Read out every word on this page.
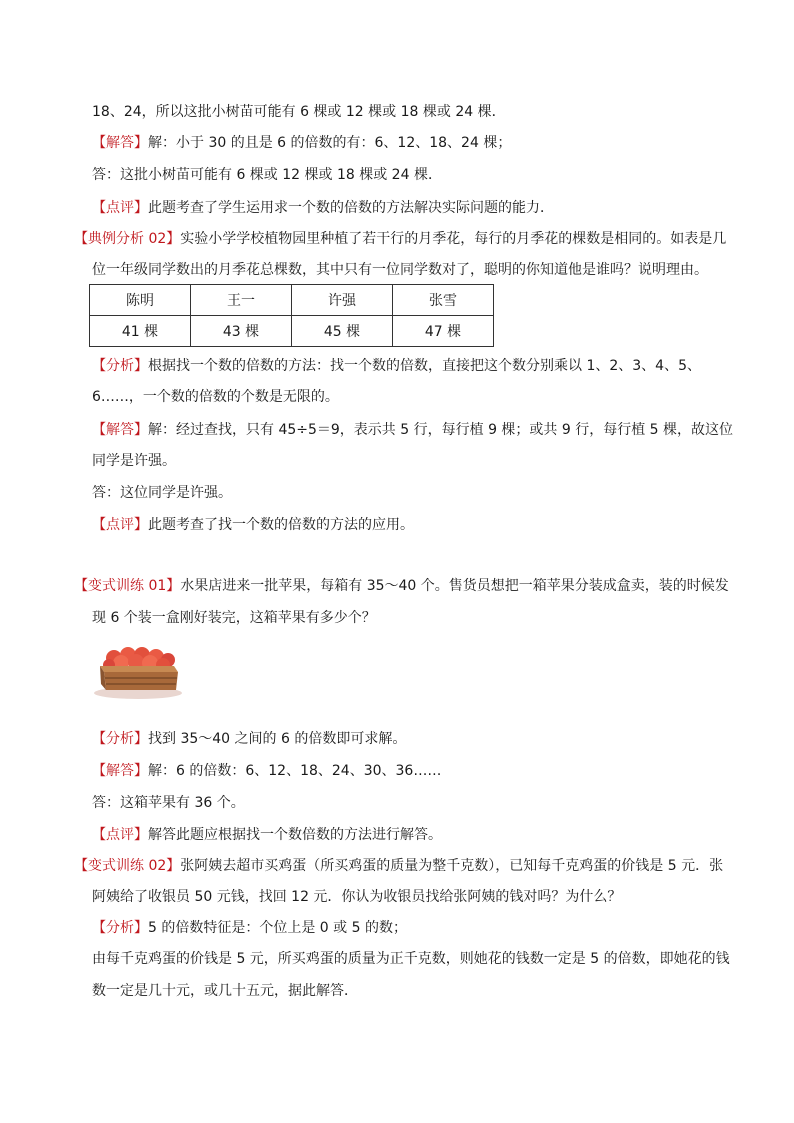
18、24，所以这批小树苗可能有 6 棵或 12 棵或 18 棵或 24 棵．
【解答】解：小于 30 的且是 6 的倍数的有：6、12、18、24 棵；
答：这批小树苗可能有 6 棵或 12 棵或 18 棵或 24 棵．
【点评】此题考查了学生运用求一个数的倍数的方法解决实际问题的能力．
【典例分析 02】实验小学学校植物园里种植了若干行的月季花，每行的月季花的棵数是相同的。如表是几
位一年级同学数出的月季花总棵数，其中只有一位同学数对了，聪明的你知道他是谁吗？说明理由。
陈明	王一	许强	张雪
41 棵	43 棵	45 棵	47 棵
【分析】根据找一个数的倍数的方法：找一个数的倍数，直接把这个数分别乘以 1、2、3、4、5、
6……，一个数的倍数的个数是无限的。
【解答】解：经过查找，只有 45÷5＝9，表示共 5 行，每行植 9 棵；或共 9 行，每行植 5 棵，故这位
同学是许强。
答：这位同学是许强。
【点评】此题考查了找一个数的倍数的方法的应用。
【变式训练 01】水果店进来一批苹果，每箱有 35～40 个。售货员想把一箱苹果分装成盒卖，装的时候发
现 6 个装一盒刚好装完，这箱苹果有多少个？
【分析】找到 35～40 之间的 6 的倍数即可求解。
【解答】解：6 的倍数：6、12、18、24、30、36……
答：这箱苹果有 36 个。
【点评】解答此题应根据找一个数倍数的方法进行解答。
【变式训练 02】张阿姨去超市买鸡蛋（所买鸡蛋的质量为整千克数），已知每千克鸡蛋的价钱是 5 元．张
阿姨给了收银员 50 元钱，找回 12 元．你认为收银员找给张阿姨的钱对吗？为什么？
【分析】5 的倍数特征是：个位上是 0 或 5 的数；
由每千克鸡蛋的价钱是 5 元，所买鸡蛋的质量为正千克数，则她花的钱数一定是 5 的倍数，即她花的钱
数一定是几十元，或几十五元，据此解答．
